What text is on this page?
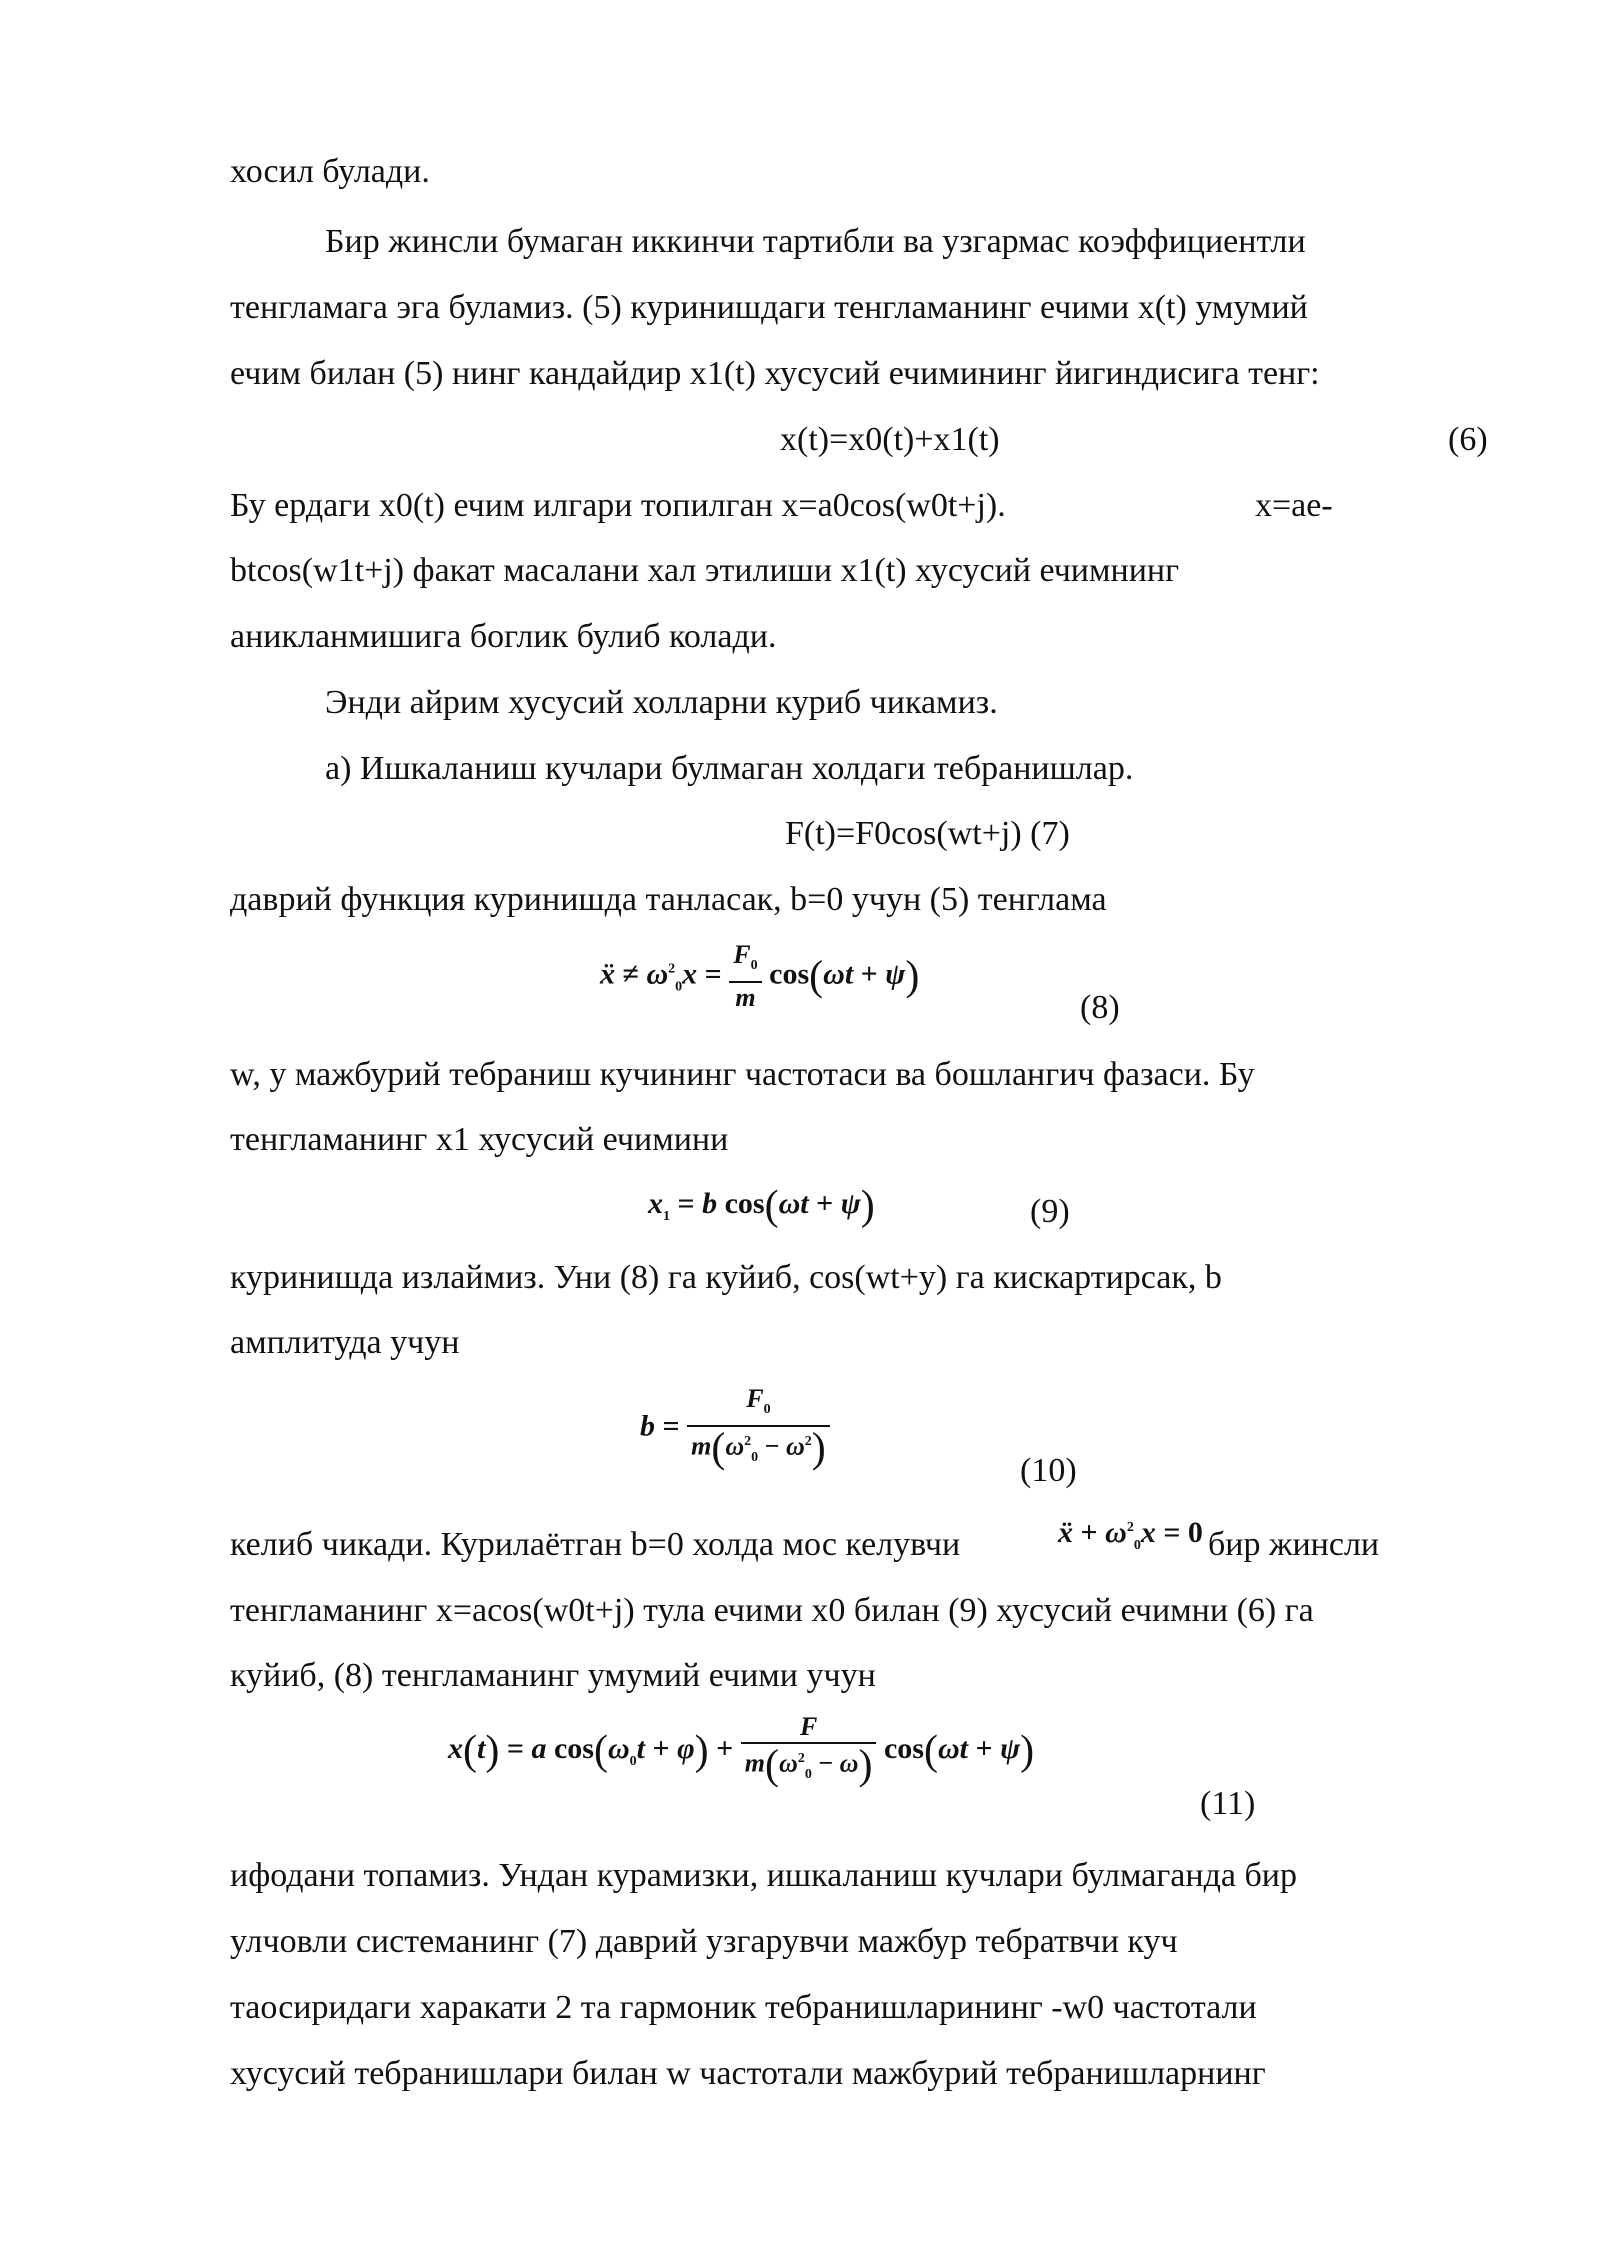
хосил булади.
Бир жинсли бумаган иккинчи тартибли ва узгармас коэффициентли
тенгламага эга буламиз. (5) куринишдаги тенгламанинг ечими x(t) умумий
ечим билан (5) нинг кандайдир x1(t) хусусий ечимининг йигиндисига тенг:
x(t)=x0(t)+x1(t)	(6)
Бу ердаги x0(t) ечим илгари топилган x=a0cos(w0t+j).	x=ae-
btcos(w1t+j) факат масалани хал этилиши x1(t) хусусий ечимнинг
аникланмишига боглик булиб колади.
Энди айрим хусусий холларни куриб чикамиз.
а) Ишкаланиш кучлари булмаган холдаги тебранишлар.
F(t)=F0cos(wt+j) (7)
даврий функция куринишда танласак, b=0 учун (5) тенглама
ẍ ≠ $\omega^2_0x = \frac{F_0}{m} \cos(\omega t + \psi)$
(8)
w, у мажбурий тебраниш кучининг частотаси ва бошлангич фазаси. Бу
тенгламанинг x1 хусусий ечимини
$x_1 = b$ cos(ωt + ψ)	(9)
куринишда излаймиз. Уни (8) га куйиб, cos(wt+y) га кискартирсак, b
амплитуда учун
$b = \frac{F_0}{m(\omega^2_0 - \omega^2)}$	(10)
келиб чикади. Курилаётган b=0 холда мос келувчи	ẍ + $\omega^2_0x = 0$ бир жинсли
тенгламанинг x=acos(w0t+j) тула ечими x0 билан (9) хусусий ечимни (6) га
куйиб, (8) тенгламанинг умумий ечими учун
x(t) = a $\cos(\omega_0t + \varphi) + \frac{F}{m(\omega^2_0 - \omega)} \cos(\omega t + \psi)$
(11)
ифодани топамиз. Ундан курамизки, ишкаланиш кучлари булмаганда бир
улчовли системанинг (7) даврий узгарувчи мажбур тебратвчи куч
таосиридаги харакати 2 та гармоник тебранишларининг -w0 частотали
хусусий тебранишлари билан w частотали мажбурий тебранишларнинг
